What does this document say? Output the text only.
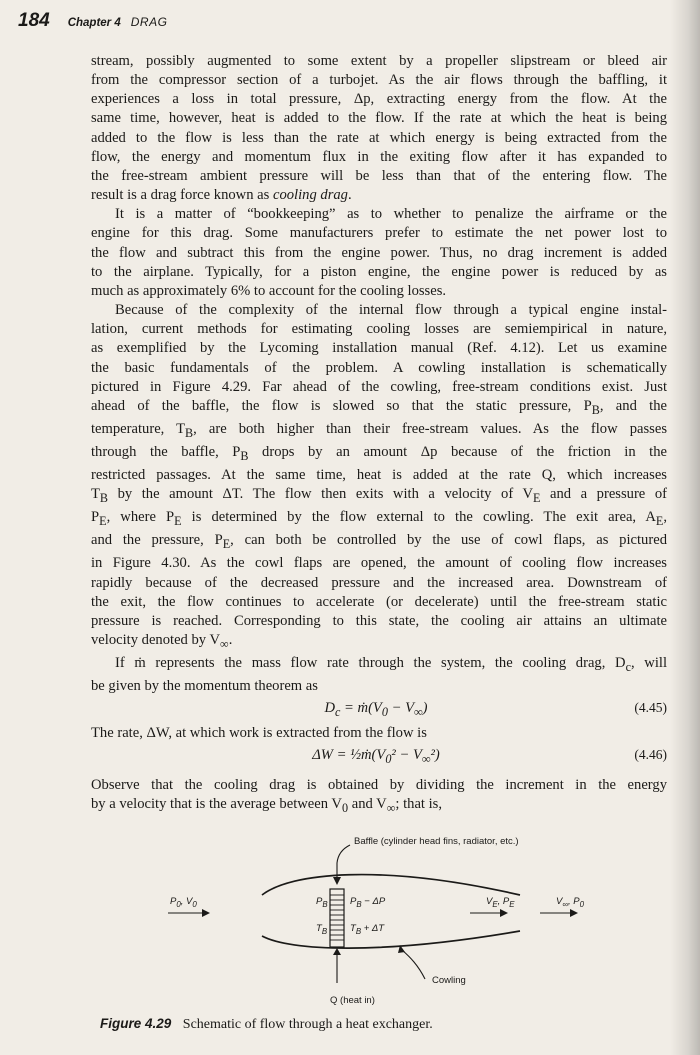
184 Chapter 4 DRAG

stream, possibly augmented to some extent by a propeller slipstream or bleed air

from the compressor section of a turbojet. As the air flows through the baffling, it

experiences a loss in total pressure, Δp, extracting energy from the flow. At the

same time, however, heat is added to the flow. If the rate at which the heat is being

added to the flow is less than the rate at which energy is being extracted from the

flow, the energy and momentum flux in the exiting flow after it has expanded to

the free-stream ambient pressure will be less than that of the entering flow. The

result is a drag force known as cooling drag.

It is a matter of “bookkeeping” as to whether to penalize the airframe or the

engine for this drag. Some manufacturers prefer to estimate the net power lost to

the flow and subtract this from the engine power. Thus, no drag increment is added

to the airplane. Typically, for a piston engine, the engine power is reduced by as

much as approximately 6% to account for the cooling losses.

Because of the complexity of the internal flow through a typical engine instal-

lation, current methods for estimating cooling losses are semiempirical in nature,

as exemplified by the Lycoming installation manual (Ref. 4.12). Let us examine

the basic fundamentals of the problem. A cowling installation is schematically

pictured in Figure 4.29. Far ahead of the cowling, free-stream conditions exist. Just

ahead of the baffle, the flow is slowed so that the static pressure, $P_B$, and the

temperature, $T_B$, are both higher than their free-stream values. As the flow passes

through the baffle, $P_B$ drops by an amount Δp because of the friction in the

restricted passages. At the same time, heat is added at the rate Q, which increases

$T_B$ by the amount ΔT. The flow then exits with a velocity of $V_E$ and a pressure of

$P_E$, where $P_E$ is determined by the flow external to the cowling. The exit area, $A_E$,

and the pressure, $P_E$, can both be controlled by the use of cowl flaps, as pictured

in Figure 4.30. As the cowl flaps are opened, the amount of cooling flow increases

rapidly because of the decreased pressure and the increased area. Downstream of

the exit, the flow continues to accelerate (or decelerate) until the free-stream static

pressure is reached. Corresponding to this state, the cooling air attains an ultimate

velocity denoted by $V_\infty$.

If ṁ represents the mass flow rate through the system, the cooling drag, $D_c$, will

be given by the momentum theorem as

$D_c$ = $ṁ(V_0 - V_\infty)$	(4.45)

The rate, ΔW, at which work is extracted from the flow is

$\Delta W = \frac{1}{2}ṁ(V_0^2 - V_\infty^2)$	(4.46)

Observe that the cooling drag is obtained by dividing the increment in the energy

by a velocity that is the average between $V_0$ and $V_\infty$; that is,

Baffle (cylinder head fins, radiator, etc.)
$P_0$, $V_0$	$P_B$ $P_B - \Delta P$
$T_B$ $T_B + \Delta T$
$V_E$, $P_E$	$V_\infty$, $P_0$
Cowling
Q (heat in)
Figure 4.29 Schematic of flow through a heat exchanger.
